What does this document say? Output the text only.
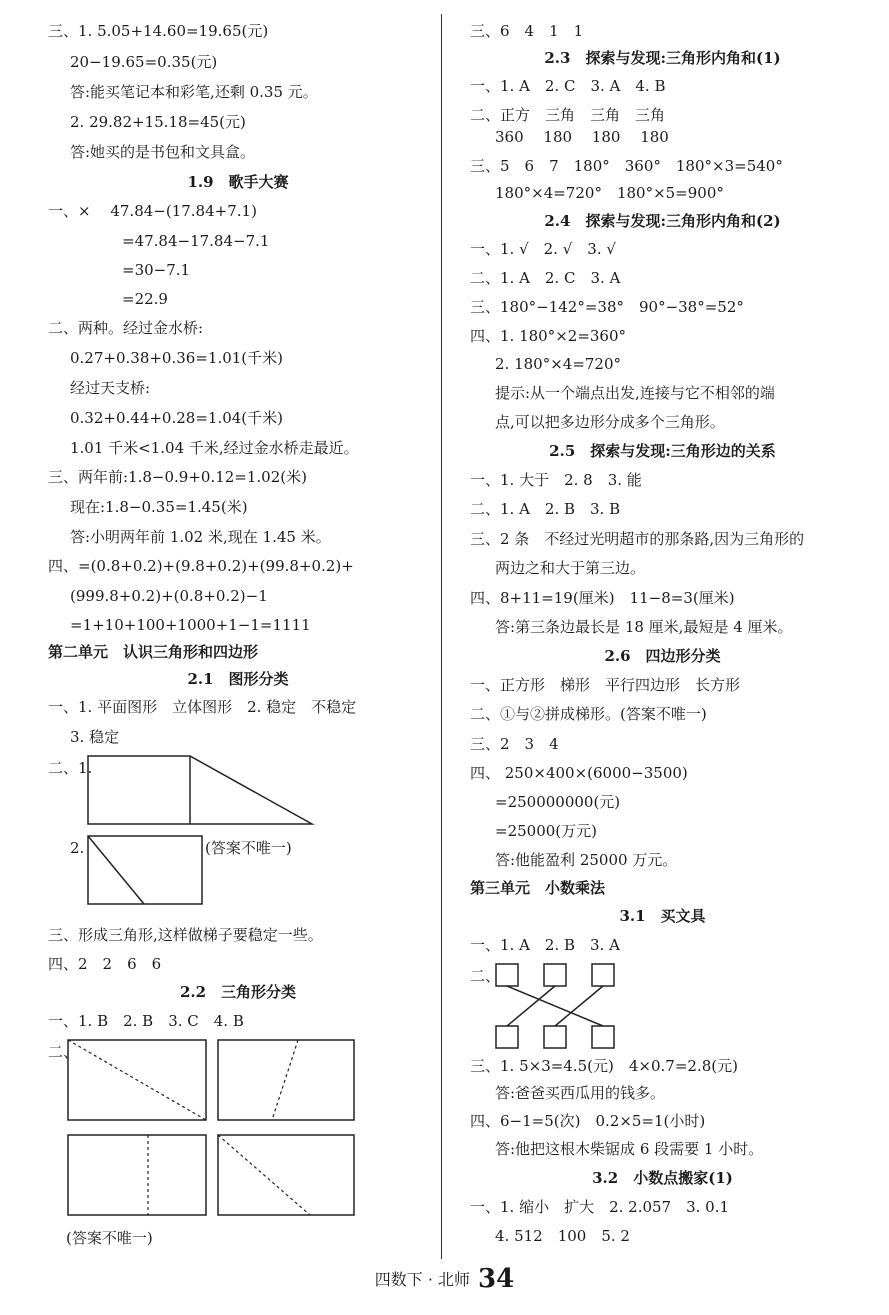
三、1. 5.05+14.60=19.65(元)
20−19.65=0.35(元)
答:能买笔记本和彩笔,还剩 0.35 元。
2. 29.82+15.18=45(元)
答:她买的是书包和文具盒。
1.9　歌手大赛
一、×　 47.84−(17.84+7.1)
=47.84−17.84−7.1
=30−7.1
=22.9
二、两种。经过金水桥:
0.27+0.38+0.36=1.01(千米)
经过天支桥:
0.32+0.44+0.28=1.04(千米)
1.01 千米<1.04 千米,经过金水桥走最近。
三、两年前:1.8−0.9+0.12=1.02(米)
现在:1.8−0.35=1.45(米)
答:小明两年前 1.02 米,现在 1.45 米。
四、=(0.8+0.2)+(9.8+0.2)+(99.8+0.2)+
(999.8+0.2)+(0.8+0.2)−1
=1+10+100+1000+1−1=1111
第二单元　认识三角形和四边形
2.1　图形分类
一、1. 平面图形　立体图形　2. 稳定　不稳定
3. 稳定
二、1.
2.	(答案不唯一)
三、形成三角形,这样做梯子要稳定一些。
四、2　2　6　6
2.2　三角形分类
一、1. B　2. B　3. C　4. B
二、
(答案不唯一)
三、6　4　1　1
2.3　探索与发现:三角形内角和(1)
一、1. A　2. C　3. A　4. B
二、正方　三角　三角　三角
360　 180　 180　 180
三、5　6　7　180°　360°　180°×3=540°
180°×4=720°　180°×5=900°
2.4　探索与发现:三角形内角和(2)
一、1. √　2. √　3. √
二、1. A　2. C　3. A
三、180°−142°=38°　90°−38°=52°
四、1. 180°×2=360°
2. 180°×4=720°
提示:从一个端点出发,连接与它不相邻的端
点,可以把多边形分成多个三角形。
2.5　探索与发现:三角形边的关系
一、1. 大于　2. 8　3. 能
二、1. A　2. B　3. B
三、2 条　不经过光明超市的那条路,因为三角形的
两边之和大于第三边。
四、8+11=19(厘米)　11−8=3(厘米)
答:第三条边最长是 18 厘米,最短是 4 厘米。
2.6　四边形分类
一、正方形　梯形　平行四边形　长方形
二、①与②拼成梯形。(答案不唯一)
三、2　3　4
四、 250×400×(6000−3500)
=250000000(元)
=25000(万元)
答:他能盈利 25000 万元。
第三单元　小数乘法
3.1　买文具
一、1. A　2. B　3. A
二、
三、1. 5×3=4.5(元)　4×0.7=2.8(元)
答:爸爸买西瓜用的钱多。
四、6−1=5(次)　0.2×5=1(小时)
答:他把这根木柴锯成 6 段需要 1 小时。
3.2　小数点搬家(1)
一、1. 缩小　扩大　2. 2.057　3. 0.1
4. 512　100　5. 2
四数下 · 北师 34
